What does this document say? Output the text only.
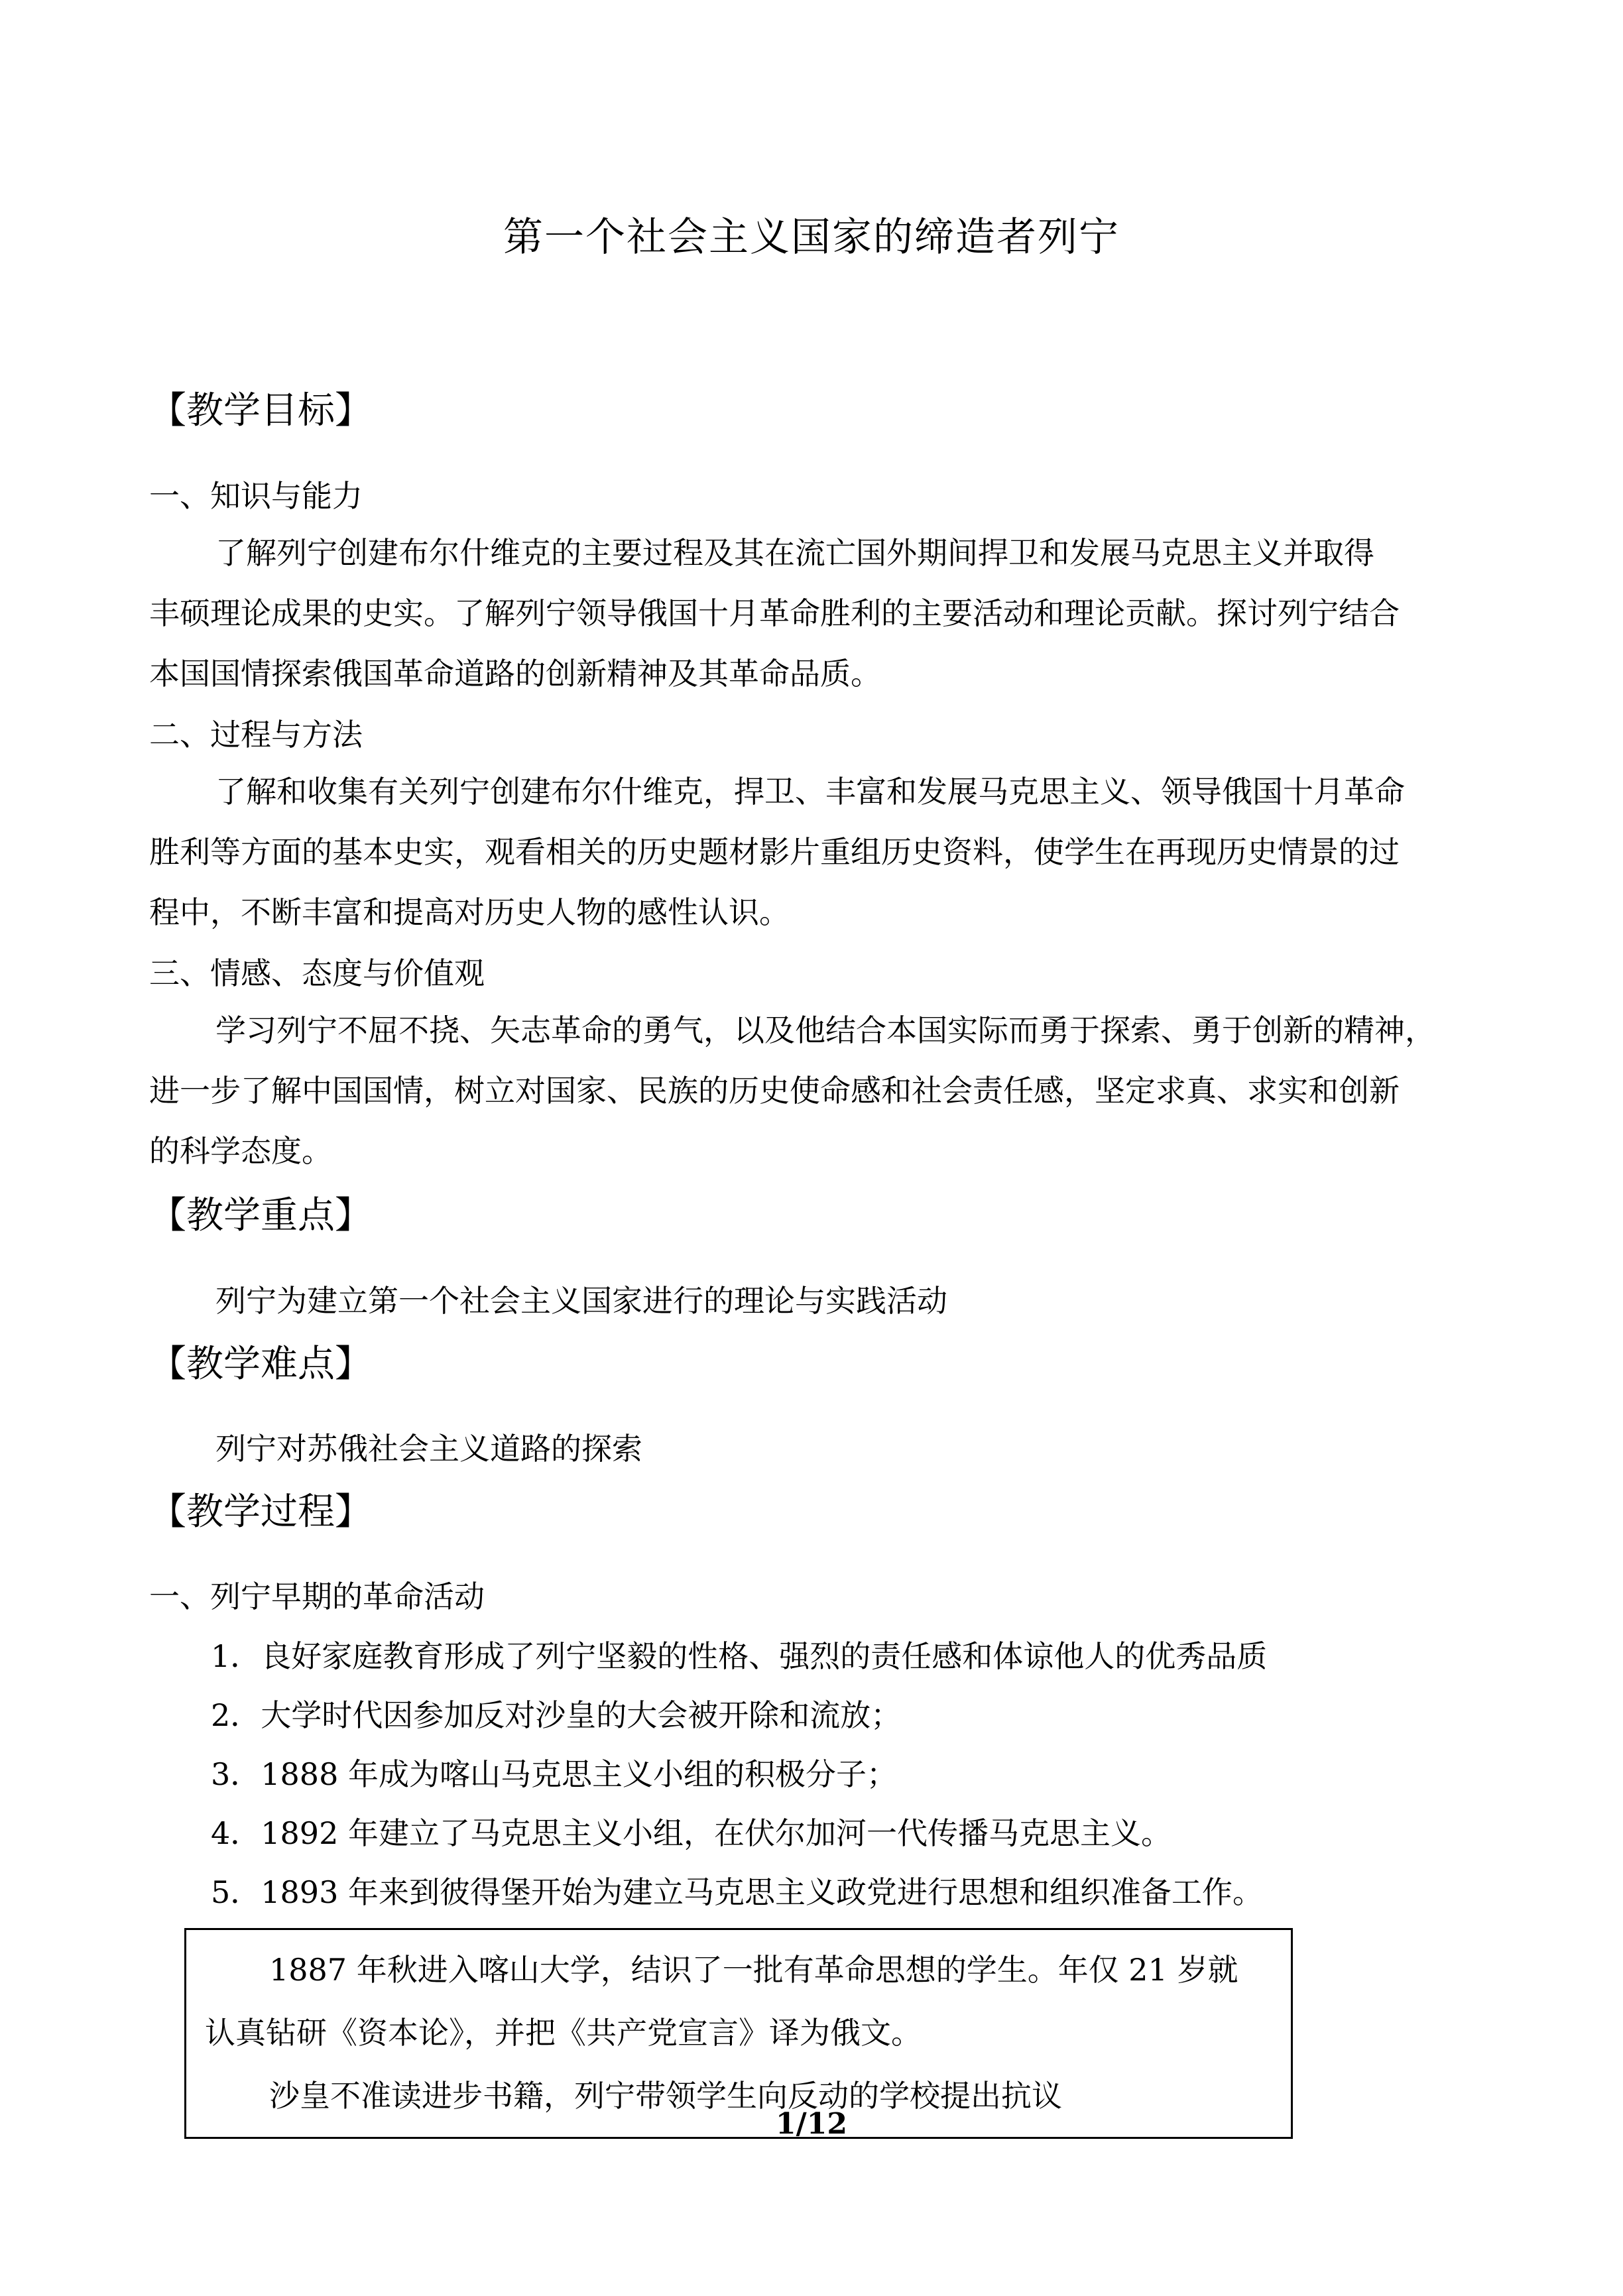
第一个社会主义国家的缔造者列宁
【教学目标】
一、知识与能力
了解列宁创建布尔什维克的主要过程及其在流亡国外期间捍卫和发展马克思主义并取得
丰硕理论成果的史实。了解列宁领导俄国十月革命胜利的主要活动和理论贡献。探讨列宁结合
本国国情探索俄国革命道路的创新精神及其革命品质。
二、过程与方法
了解和收集有关列宁创建布尔什维克，捍卫、丰富和发展马克思主义、领导俄国十月革命
胜利等方面的基本史实，观看相关的历史题材影片重组历史资料，使学生在再现历史情景的过
程中，不断丰富和提高对历史人物的感性认识。
三、情感、态度与价值观
学习列宁不屈不挠、矢志革命的勇气，以及他结合本国实际而勇于探索、勇于创新的精神，
进一步了解中国国情，树立对国家、民族的历史使命感和社会责任感，坚定求真、求实和创新
的科学态度。
【教学重点】
列宁为建立第一个社会主义国家进行的理论与实践活动
【教学难点】
列宁对苏俄社会主义道路的探索
【教学过程】
一、列宁早期的革命活动
1．良好家庭教育形成了列宁坚毅的性格、强烈的责任感和体谅他人的优秀品质
2．大学时代因参加反对沙皇的大会被开除和流放；
3．1888 年成为喀山马克思主义小组的积极分子；
4．1892 年建立了马克思主义小组，在伏尔加河一代传播马克思主义。
5．1893 年来到彼得堡开始为建立马克思主义政党进行思想和组织准备工作。
1887 年秋进入喀山大学，结识了一批有革命思想的学生。年仅 21 岁就
认真钻研《资本论》，并把《共产党宣言》译为俄文。
沙皇不准读进步书籍，列宁带领学生向反动的学校提出抗议
1/12
